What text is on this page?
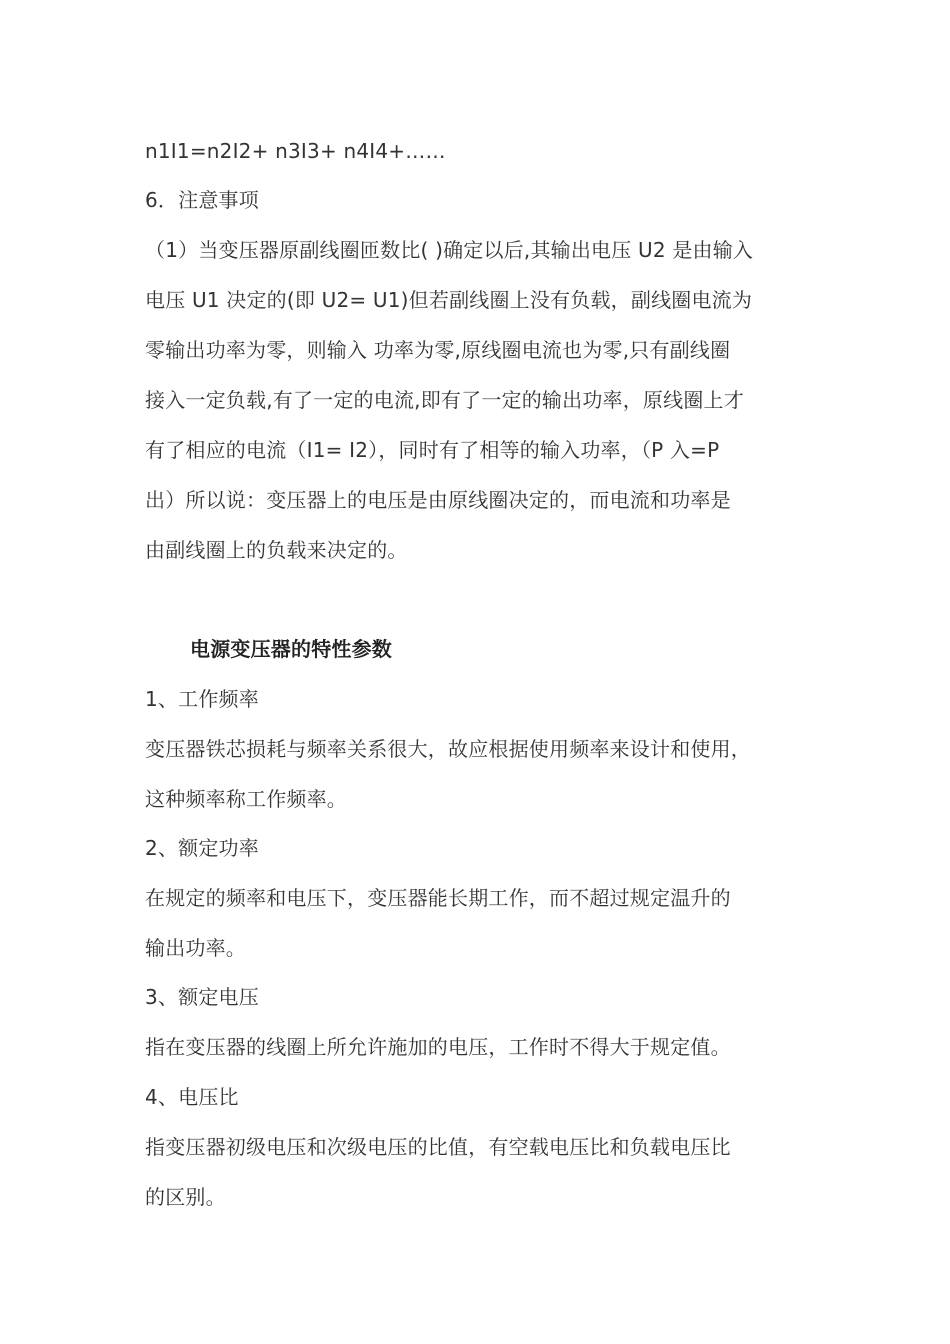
n1I1=n2I2+ n3I3+ n4I4+……
6．注意事项
（1）当变压器原副线圈匝数比( )确定以后,其输出电压 U2 是由输入
电压 U1 决定的(即 U2= U1)但若副线圈上没有负载，副线圈电流为
零输出功率为零，则输入 功率为零,原线圈电流也为零,只有副线圈
接入一定负载,有了一定的电流,即有了一定的输出功率，原线圈上才
有了相应的电流（I1= I2），同时有了相等的输入功率，（P 入=P
出）所以说：变压器上的电压是由原线圈决定的，而电流和功率是
由副线圈上的负载来决定的。
电源变压器的特性参数
1、工作频率
变压器铁芯损耗与频率关系很大，故应根据使用频率来设计和使用，
这种频率称工作频率。
2、额定功率
在规定的频率和电压下，变压器能长期工作，而不超过规定温升的
输出功率。
3、额定电压
指在变压器的线圈上所允许施加的电压，工作时不得大于规定值。
4、电压比
指变压器初级电压和次级电压的比值，有空载电压比和负载电压比
的区别。
